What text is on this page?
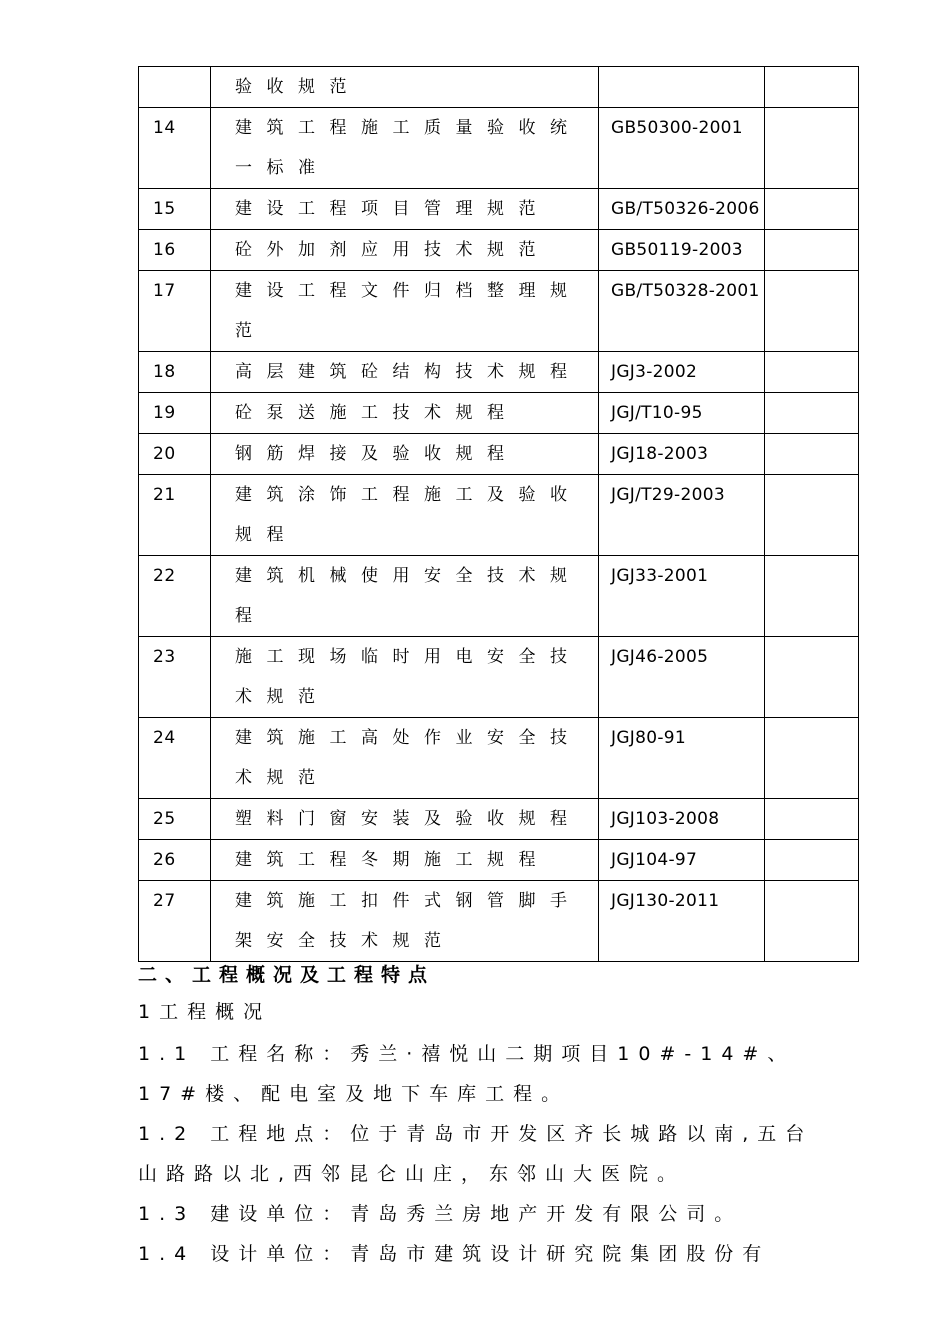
	验收规范		
14	建筑工程施工质量验收统一标准	GB50300-2001	
15	建设工程项目管理规范	GB/T50326-2006	
16	砼外加剂应用技术规范	GB50119-2003	
17	建设工程文件归档整理规范	GB/T50328-2001	
18	高层建筑砼结构技术规程	JGJ3-2002	
19	砼泵送施工技术规程	JGJ/T10-95	
20	钢筋焊接及验收规程	JGJ18-2003	
21	建筑涂饰工程施工及验收规程	JGJ/T29-2003	
22	建筑机械使用安全技术规程	JGJ33-2001	
23	施工现场临时用电安全技术规范	JGJ46-2005	
24	建筑施工高处作业安全技术规范	JGJ80-91	
25	塑料门窗安装及验收规程	JGJ103-2008	
26	建筑工程冬期施工规程	JGJ104-97	
27	建筑施工扣件式钢管脚手架安全技术规范	JGJ130-2011	
二、工程概况及工程特点

1工程概况

1.1 工程名称：秀兰·禧悦山二期项目10#-14#、17#楼、配电室及地下车库工程。

1.2 工程地点：位于青岛市开发区齐长城路以南,五台山路路以北,西邻昆仑山庄，东邻山大医院。

1.3 建设单位：青岛秀兰房地产开发有限公司。

1.4 设计单位：青岛市建筑设计研究院集团股份有
